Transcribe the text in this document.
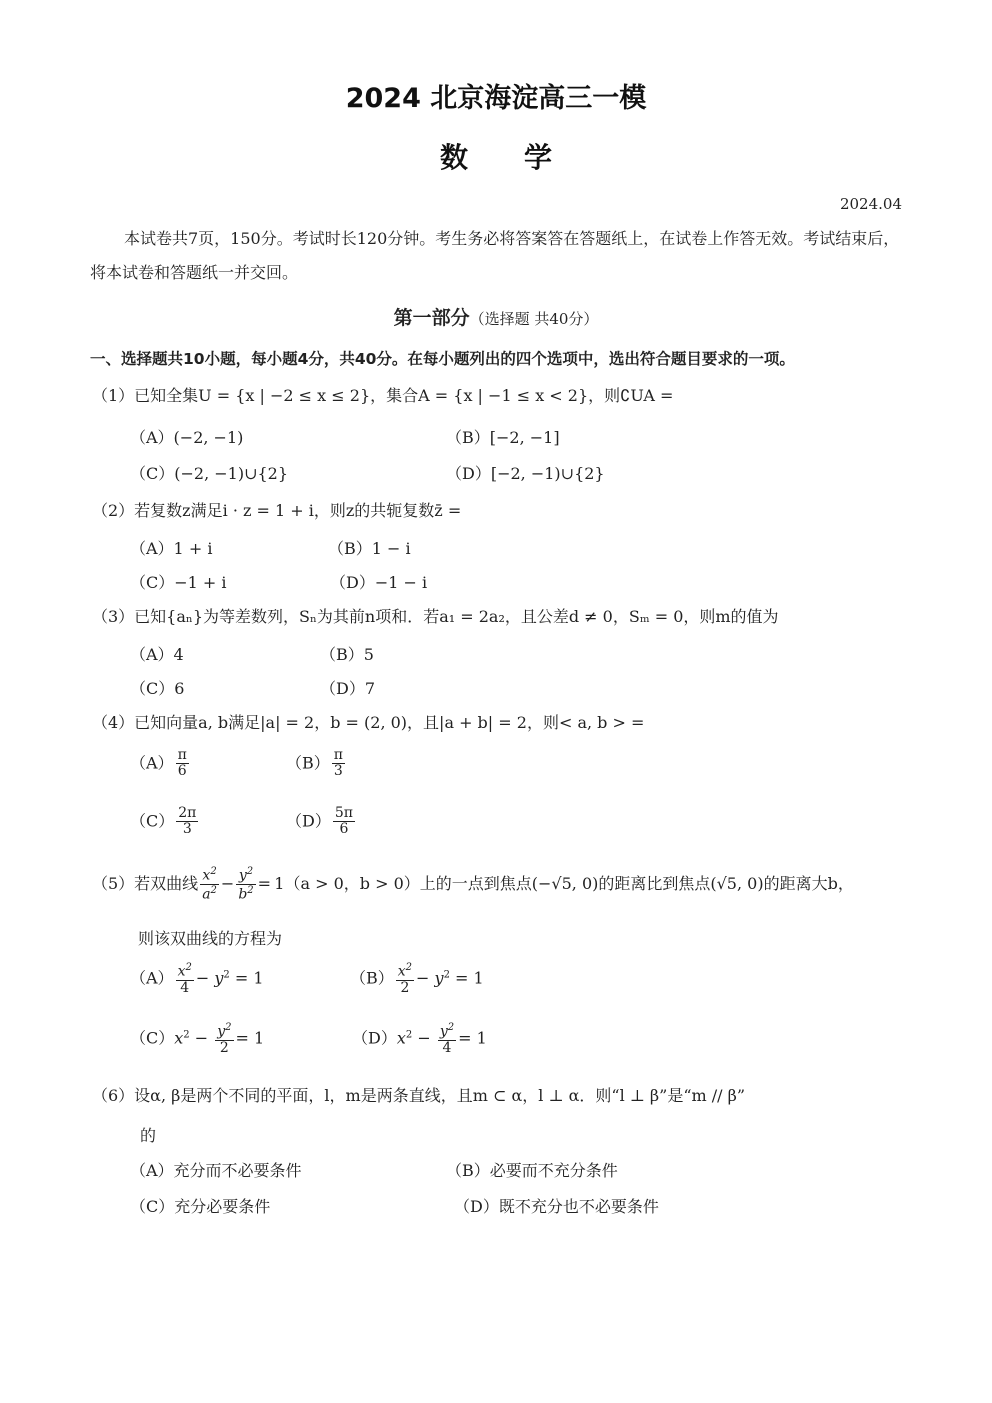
2024 北京海淀高三一模
数学
2024.04
本试卷共7页，150分。考试时长120分钟。考生务必将答案答在答题纸上，在试卷上作答无效。考试结束后，将本试卷和答题纸一并交回。
第一部分（选择题 共40分）
一、选择题共10小题，每小题4分，共40分。在每小题列出的四个选项中，选出符合题目要求的一项。
（1）已知全集U = {x | −2 ≤ x ≤ 2}，集合A = {x | −1 ≤ x < 2}，则∁UA =
（A）(−2, −1)	（B）[−2, −1]
（C）(−2, −1)∪{2}	（D）[−2, −1)∪{2}
（2）若复数z满足i · z = 1 + i，则z的共轭复数z̄ =
（A）1 + i	（B）1 − i
（C）−1 + i	（D）−1 − i
（3）已知{aₙ}为等差数列，Sₙ为其前n项和．若a₁ = 2a₂，且公差d ≠ 0，Sₘ = 0，则m的值为
（A）4	（B）5
（C）6	（D）7
（4）已知向量a, b满足|a| = 2，b = (2, 0)，且|a + b| = 2，则< a, b > =
$(A) \frac{\pi}{6}$	$(B) \frac{\pi}{3}$
$(C) \frac{2\pi}{3}$	$(D) \frac{5\pi}{6}$
（5）若双曲线 $\frac{x^2}{a^2} - \frac{y^2}{b^2} = 1(a > 0$，b > 0）上的一点到焦点(−√5, 0)的距离比到焦点(√5, 0)的距离大b，
则该双曲线的方程为
$(A) \frac{x^2}{4} - y^2 = 1$	$(B) \frac{x^2}{2} - y^2 = 1$
$(C)x^2 - \frac{y^2}{2} = 1$	$(D)x^2 - \frac{y^2}{4} = 1$
（6）设α, β是两个不同的平面，l，m是两条直线，且m ⊂ α，l ⊥ α．则“l ⊥ β”是“m // β”
的
（A）充分而不必要条件	（B）必要而不充分条件
（C）充分必要条件	（D）既不充分也不必要条件
